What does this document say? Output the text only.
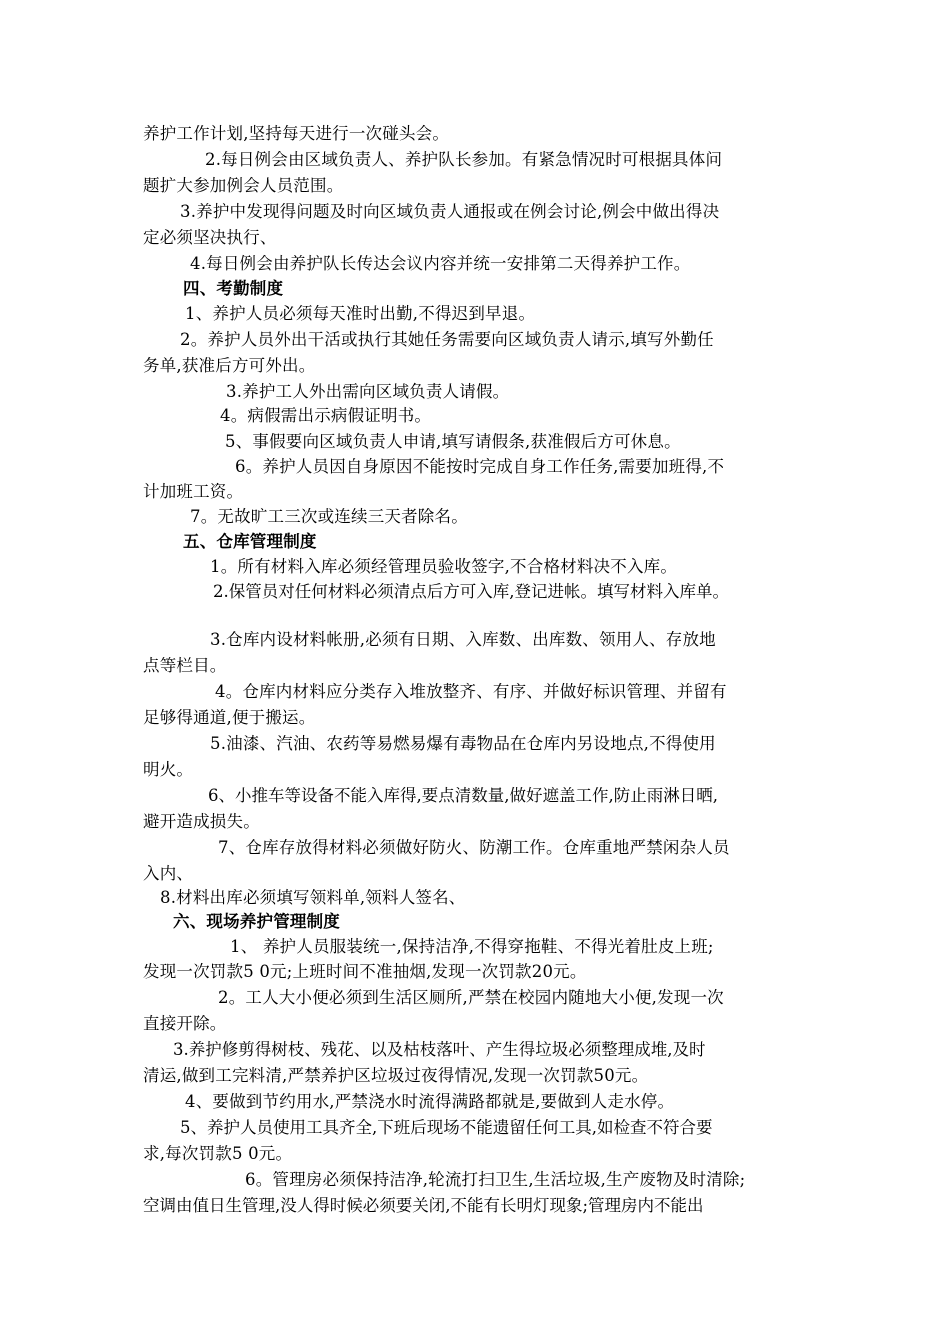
养护工作计划,坚持每天进行一次碰头会。
2.每日例会由区域负责人、养护队长参加。有紧急情况时可根据具体问
题扩大参加例会人员范围。
3.养护中发现得问题及时向区域负责人通报或在例会讨论,例会中做出得决
定必须坚决执行、
4.每日例会由养护队长传达会议内容并统一安排第二天得养护工作。
四、考勤制度
1、养护人员必须每天准时出勤,不得迟到早退。
2。养护人员外出干活或执行其她任务需要向区域负责人请示,填写外勤任
务单,获准后方可外出。
3.养护工人外出需向区域负责人请假。
4。病假需出示病假证明书。
5、事假要向区域负责人申请,填写请假条,获准假后方可休息。
6。养护人员因自身原因不能按时完成自身工作任务,需要加班得,不
计加班工资。
7。无故旷工三次或连续三天者除名。
五、仓库管理制度
1。所有材料入库必须经管理员验收签字,不合格材料决不入库。
2.保管员对任何材料必须清点后方可入库,登记进帐。填写材料入库单。
3.仓库内设材料帐册,必须有日期、入库数、出库数、领用人、存放地
点等栏目。
4。仓库内材料应分类存入堆放整齐、有序、并做好标识管理、并留有
足够得通道,便于搬运。
5.油漆、汽油、农药等易燃易爆有毒物品在仓库内另设地点,不得使用
明火。
6、小推车等设备不能入库得,要点清数量,做好遮盖工作,防止雨淋日晒,
避开造成损失。
7、仓库存放得材料必须做好防火、防潮工作。仓库重地严禁闲杂人员
入内、
8.材料出库必须填写领料单,领料人签名、
六、现场养护管理制度
1、 养护人员服装统一,保持洁净,不得穿拖鞋、不得光着肚皮上班;
发现一次罚款5 0元;上班时间不准抽烟,发现一次罚款20元。
2。工人大小便必须到生活区厕所,严禁在校园内随地大小便,发现一次
直接开除。
3.养护修剪得树枝、残花、以及枯枝落叶、产生得垃圾必须整理成堆,及时
清运,做到工完料清,严禁养护区垃圾过夜得情况,发现一次罚款50元。
4、要做到节约用水,严禁浇水时流得满路都就是,要做到人走水停。
5、养护人员使用工具齐全,下班后现场不能遗留任何工具,如检查不符合要
求,每次罚款5 0元。
6。管理房必须保持洁净,轮流打扫卫生,生活垃圾,生产废物及时清除;
空调由值日生管理,没人得时候必须要关闭,不能有长明灯现象;管理房内不能出
